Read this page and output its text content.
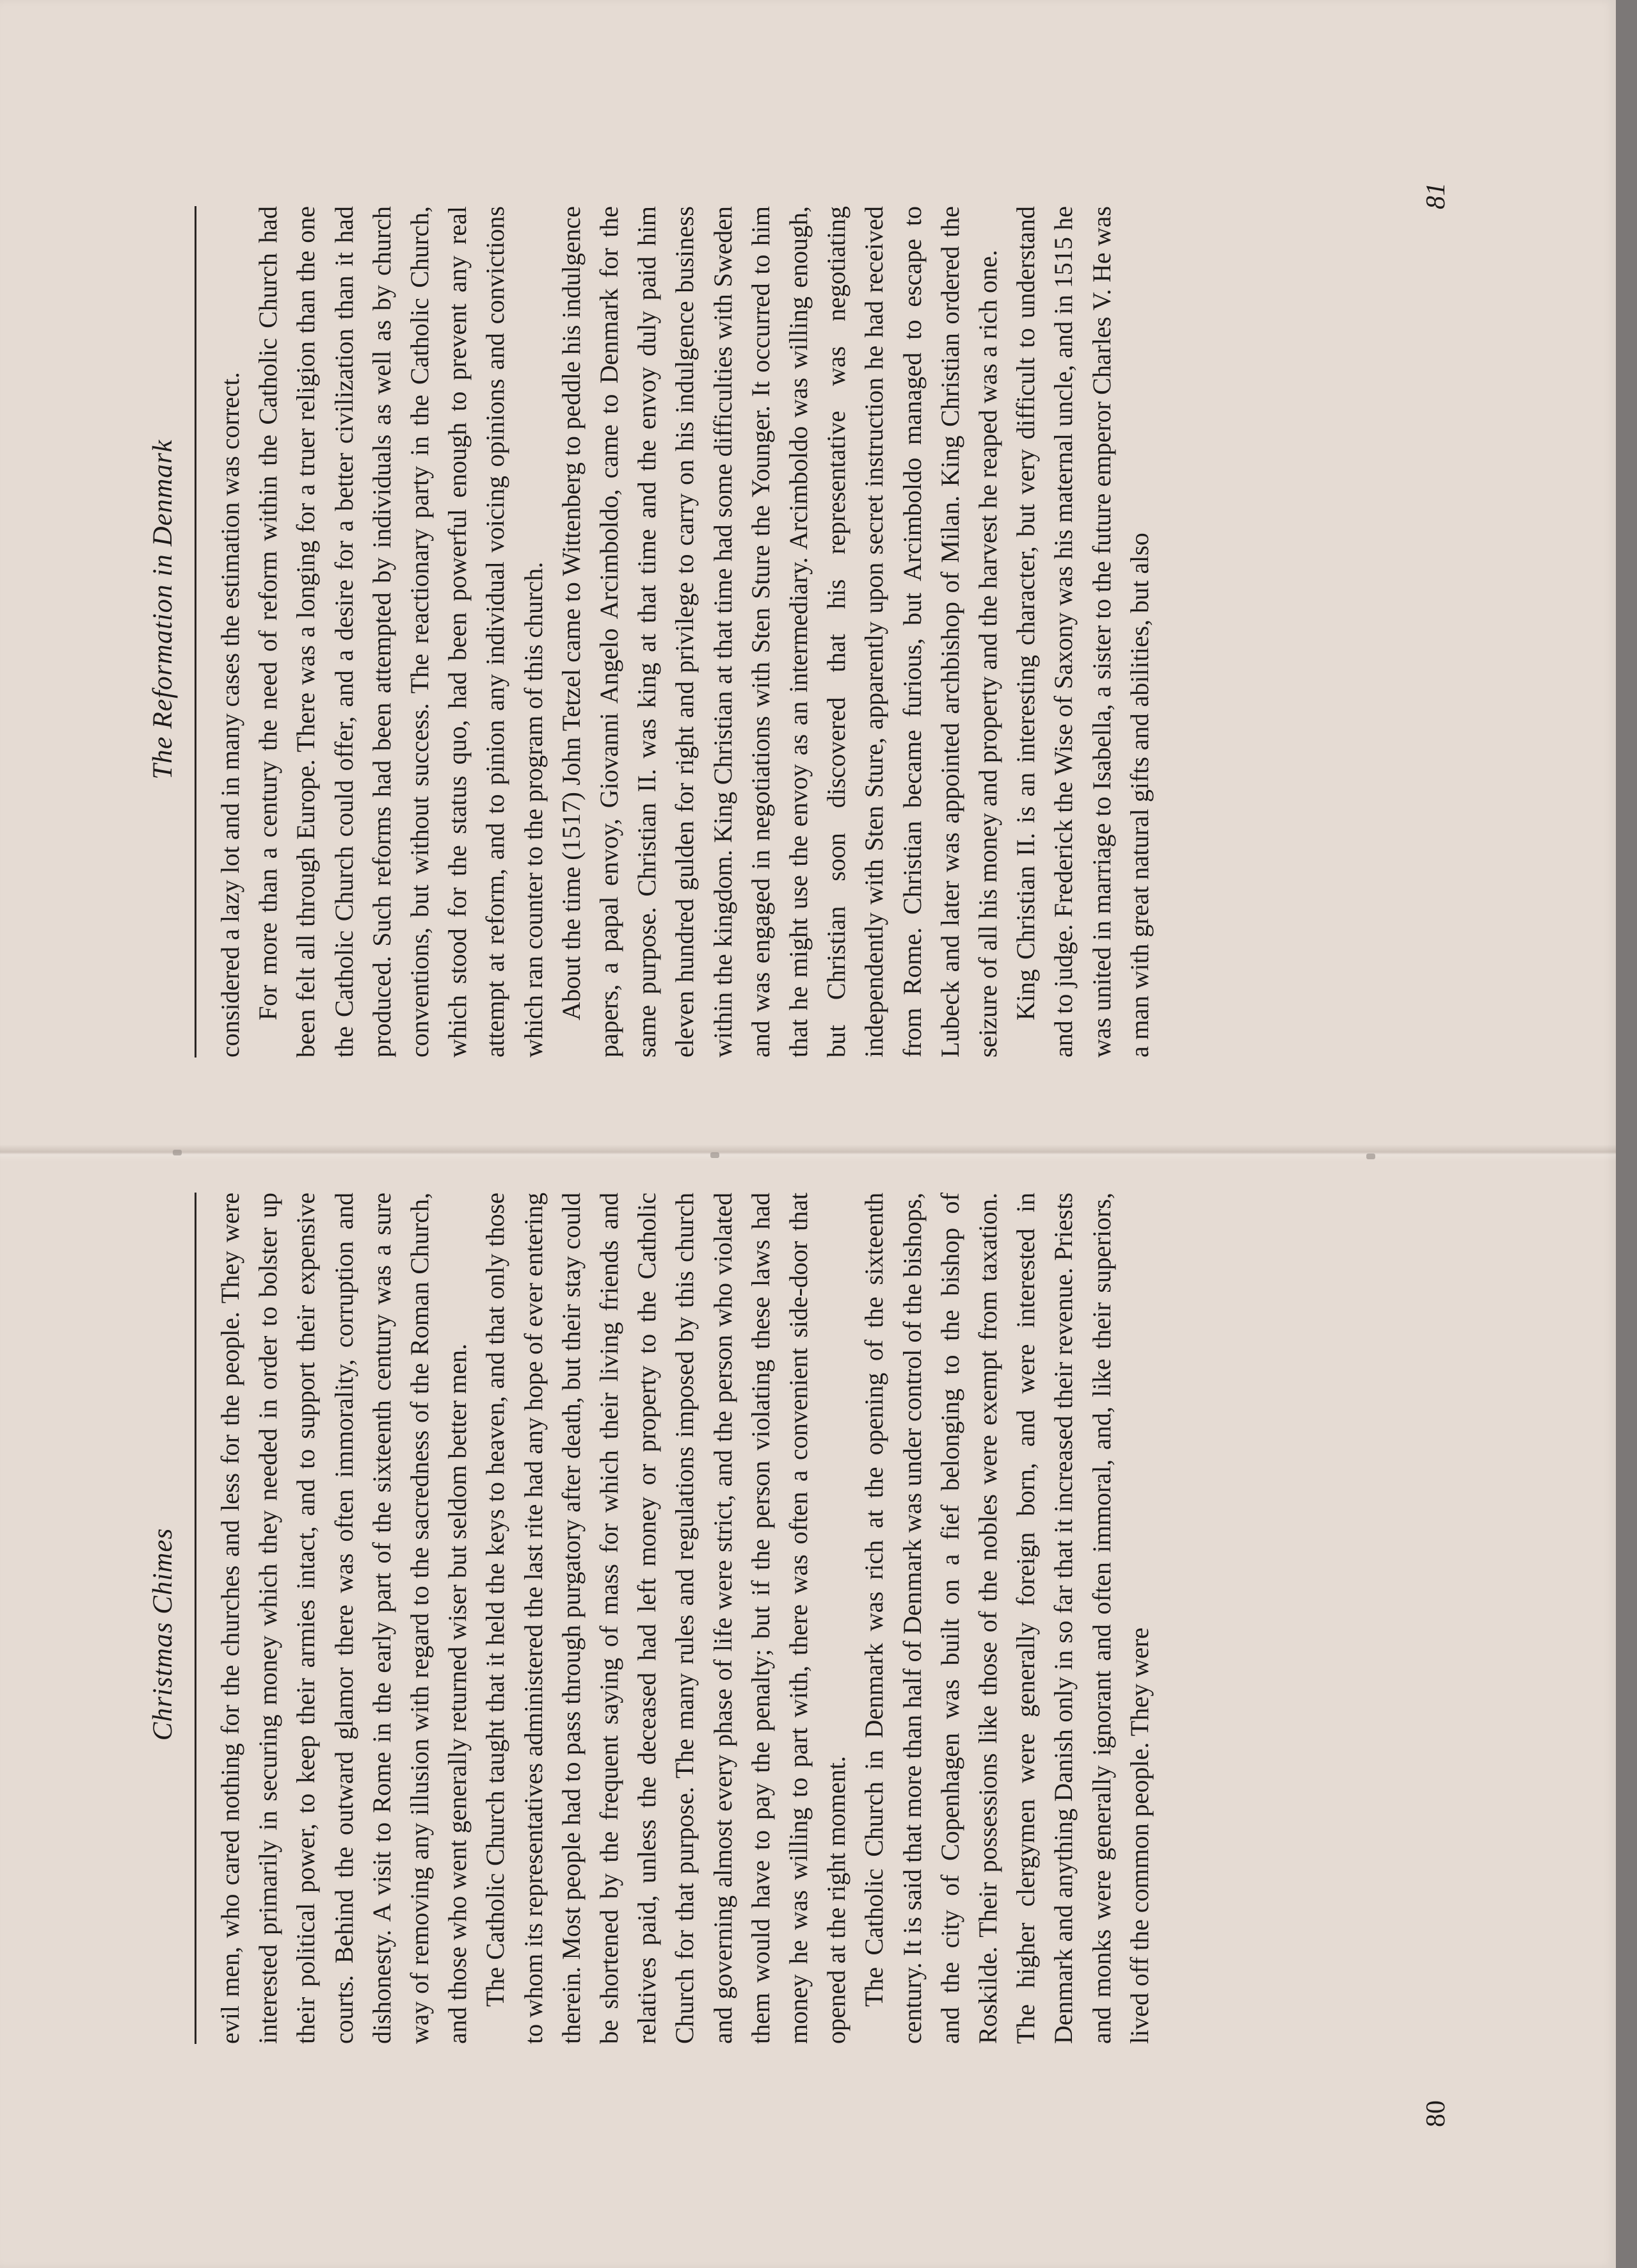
Christmas Chimes	evil men, who cared nothing for the churches and less for the people. They were interested primarily in securing money which they needed in order to bolster up their political power, to keep their armies intact, and to support their expensive courts. Behind the outward glamor there was often immorality, corruption and dishonesty. A visit to Rome in the early part of the sixteenth century was a sure way of removing any illusion with regard to the sacredness of the Roman Church, and those who went generally returned wiser but seldom better men. The Catholic Church taught that it held the keys to heaven, and that only those to whom its representatives administered the last rite had any hope of ever entering therein. Most people had to pass through purgatory after death, but their stay could be shortened by the frequent saying of mass for which their living friends and relatives paid, unless the deceased had left money or property to the Catholic Church for that purpose. The many rules and regulations imposed by this church and governing almost every phase of life were strict, and the person who violated them would have to pay the penalty; but if the person violating these laws had money he was willing to part with, there was often a convenient side-door that opened at the right moment. The Catholic Church in Denmark was rich at the opening of the sixteenth century. It is said that more than half of Denmark was under control of the bishops, and the city of Copenhagen was built on a fief belonging to the bishop of Roskilde. Their possessions like those of the nobles were exempt from taxation. The higher clergymen were generally foreign born, and were interested in Denmark and anything Danish only in so far that it increased their revenue. Priests and monks were generally ignorant and often immoral, and, like their superiors, lived off the common people. They were

80
The Reformation in Denmark	considered a lazy lot and in many cases the estimation was correct. For more than a century the need of reform within the Catholic Church had been felt all through Europe. There was a longing for a truer religion than the one the Catholic Church could offer, and a desire for a better civilization than it had produced. Such reforms had been attempted by individuals as well as by church conventions, but without success. The reactionary party in the Catholic Church, which stood for the status quo, had been powerful enough to prevent any real attempt at reform, and to pinion any individual voicing opinions and convictions which ran counter to the program of this church. About the time (1517) John Tetzel came to Wittenberg to peddle his indulgence papers, a papal envoy, Giovanni Angelo Arcimboldo, came to Denmark for the same purpose. Christian II. was king at that time and the envoy duly paid him eleven hundred gulden for right and privilege to carry on his indulgence business within the kingdom. King Christian at that time had some difficulties with Sweden and was engaged in negotiations with Sten Sture the Younger. It occurred to him that he might use the envoy as an intermediary. Arcimboldo was willing enough, but Christian soon discovered that his representative was negotiating independently with Sten Sture, apparently upon secret instruction he had received from Rome. Christian became furious, but Arcimboldo managed to escape to Lubeck and later was appointed archbishop of Milan. King Christian ordered the seizure of all his money and property and the harvest he reaped was a rich one. King Christian II. is an interesting character, but very difficult to understand and to judge. Frederick the Wise of Saxony was his maternal uncle, and in 1515 he was united in marriage to Isabella, a sister to the future emperor Charles V. He was a man with great natural gifts and abilities, but also

81
